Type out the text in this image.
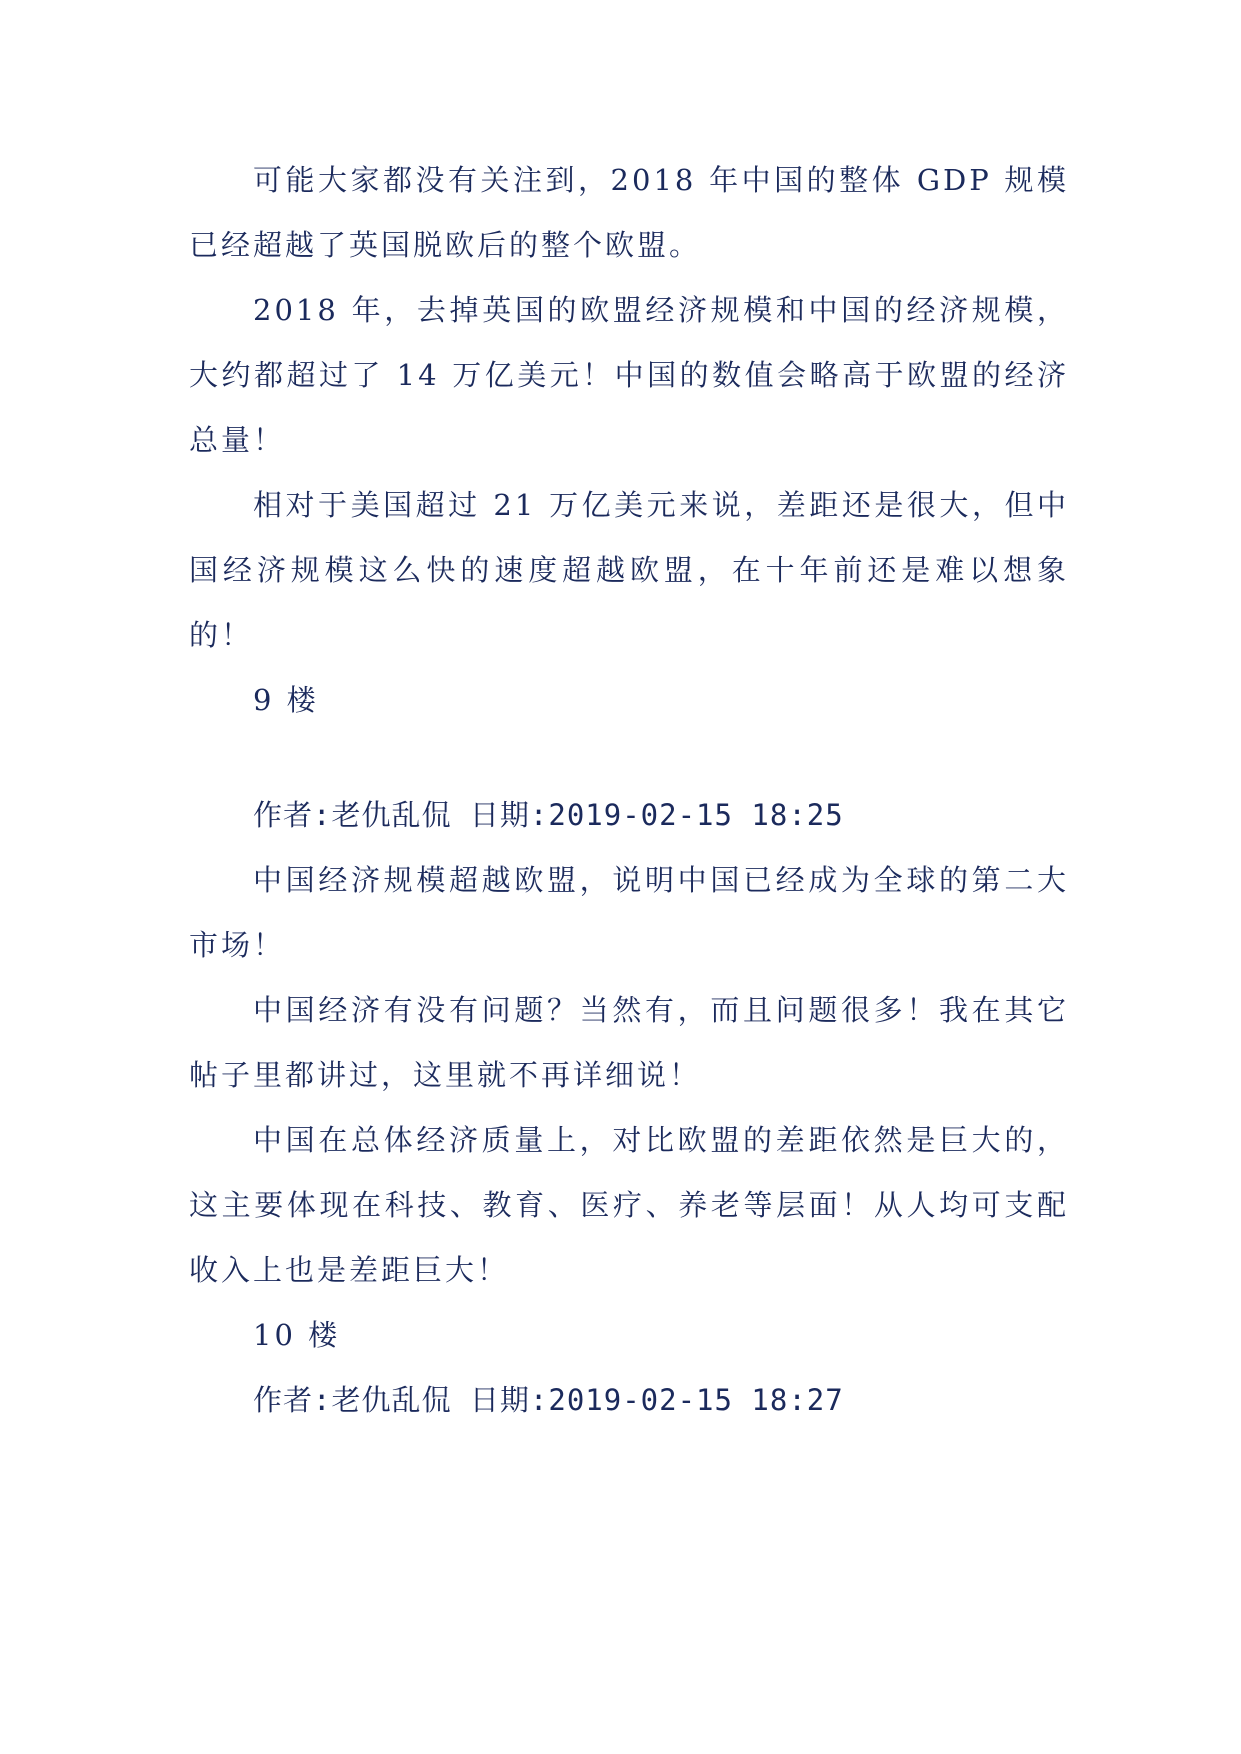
可能大家都没有关注到，2018 年中国的整体 GDP 规模已经超越了英国脱欧后的整个欧盟。

2018 年，去掉英国的欧盟经济规模和中国的经济规模，大约都超过了 14 万亿美元！中国的数值会略高于欧盟的经济总量！

相对于美国超过 21 万亿美元来说，差距还是很大，但中国经济规模这么快的速度超越欧盟，在十年前还是难以想象的！

9 楼

作者:老仇乱侃 日期:2019-02-15 18:25

中国经济规模超越欧盟，说明中国已经成为全球的第二大市场！

中国经济有没有问题？当然有，而且问题很多！我在其它帖子里都讲过，这里就不再详细说！

中国在总体经济质量上，对比欧盟的差距依然是巨大的，这主要体现在科技、教育、医疗、养老等层面！从人均可支配收入上也是差距巨大！

10 楼

作者:老仇乱侃 日期:2019-02-15 18:27
